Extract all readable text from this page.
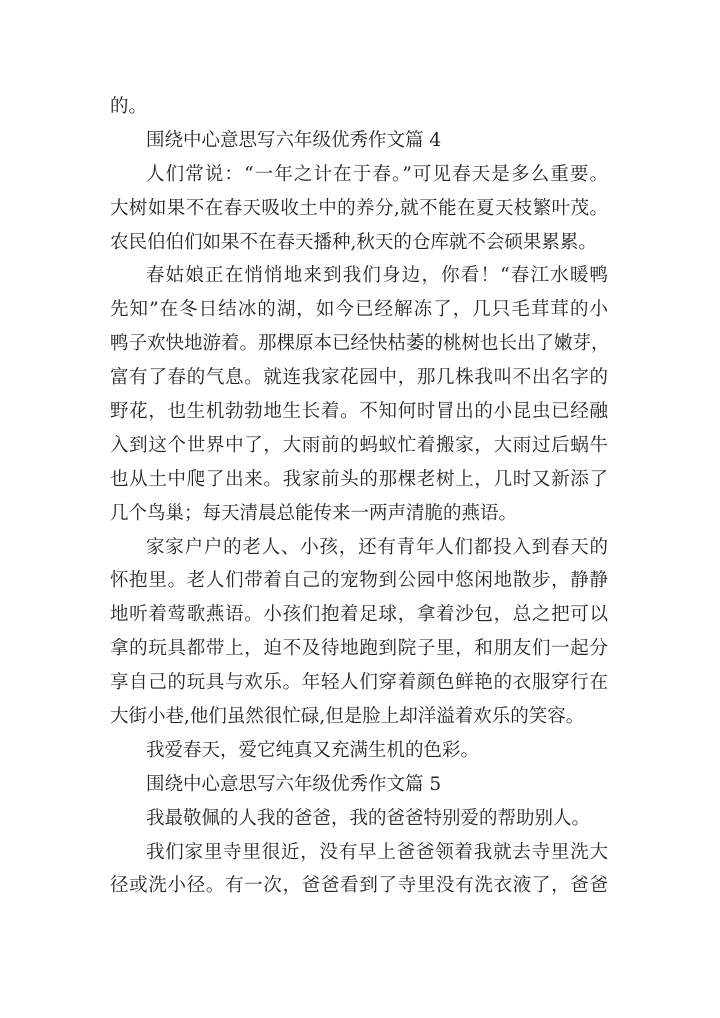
的。
围绕中心意思写六年级优秀作文篇 4
人们常说：“一年之计在于春。”可见春天是多么重要。
大树如果不在春天吸收土中的养分,就不能在夏天枝繁叶茂。
农民伯伯们如果不在春天播种,秋天的仓库就不会硕果累累。
春姑娘正在悄悄地来到我们身边，你看！“春江水暖鸭
先知”在冬日结冰的湖，如今已经解冻了，几只毛茸茸的小
鸭子欢快地游着。那棵原本已经快枯萎的桃树也长出了嫩芽，
富有了春的气息。就连我家花园中，那几株我叫不出名字的
野花，也生机勃勃地生长着。不知何时冒出的小昆虫已经融
入到这个世界中了，大雨前的蚂蚁忙着搬家，大雨过后蜗牛
也从土中爬了出来。我家前头的那棵老树上，几时又新添了
几个鸟巢；每天清晨总能传来一两声清脆的燕语。
家家户户的老人、小孩，还有青年人们都投入到春天的
怀抱里。老人们带着自己的宠物到公园中悠闲地散步，静静
地听着莺歌燕语。小孩们抱着足球，拿着沙包，总之把可以
拿的玩具都带上，迫不及待地跑到院子里，和朋友们一起分
享自己的玩具与欢乐。年轻人们穿着颜色鲜艳的衣服穿行在
大街小巷,他们虽然很忙碌,但是脸上却洋溢着欢乐的笑容。
我爱春天，爱它纯真又充满生机的色彩。
围绕中心意思写六年级优秀作文篇 5
我最敬佩的人我的爸爸，我的爸爸特别爱的帮助别人。
我们家里寺里很近，没有早上爸爸领着我就去寺里洗大
径或洗小径。有一次，爸爸看到了寺里没有洗衣液了，爸爸
